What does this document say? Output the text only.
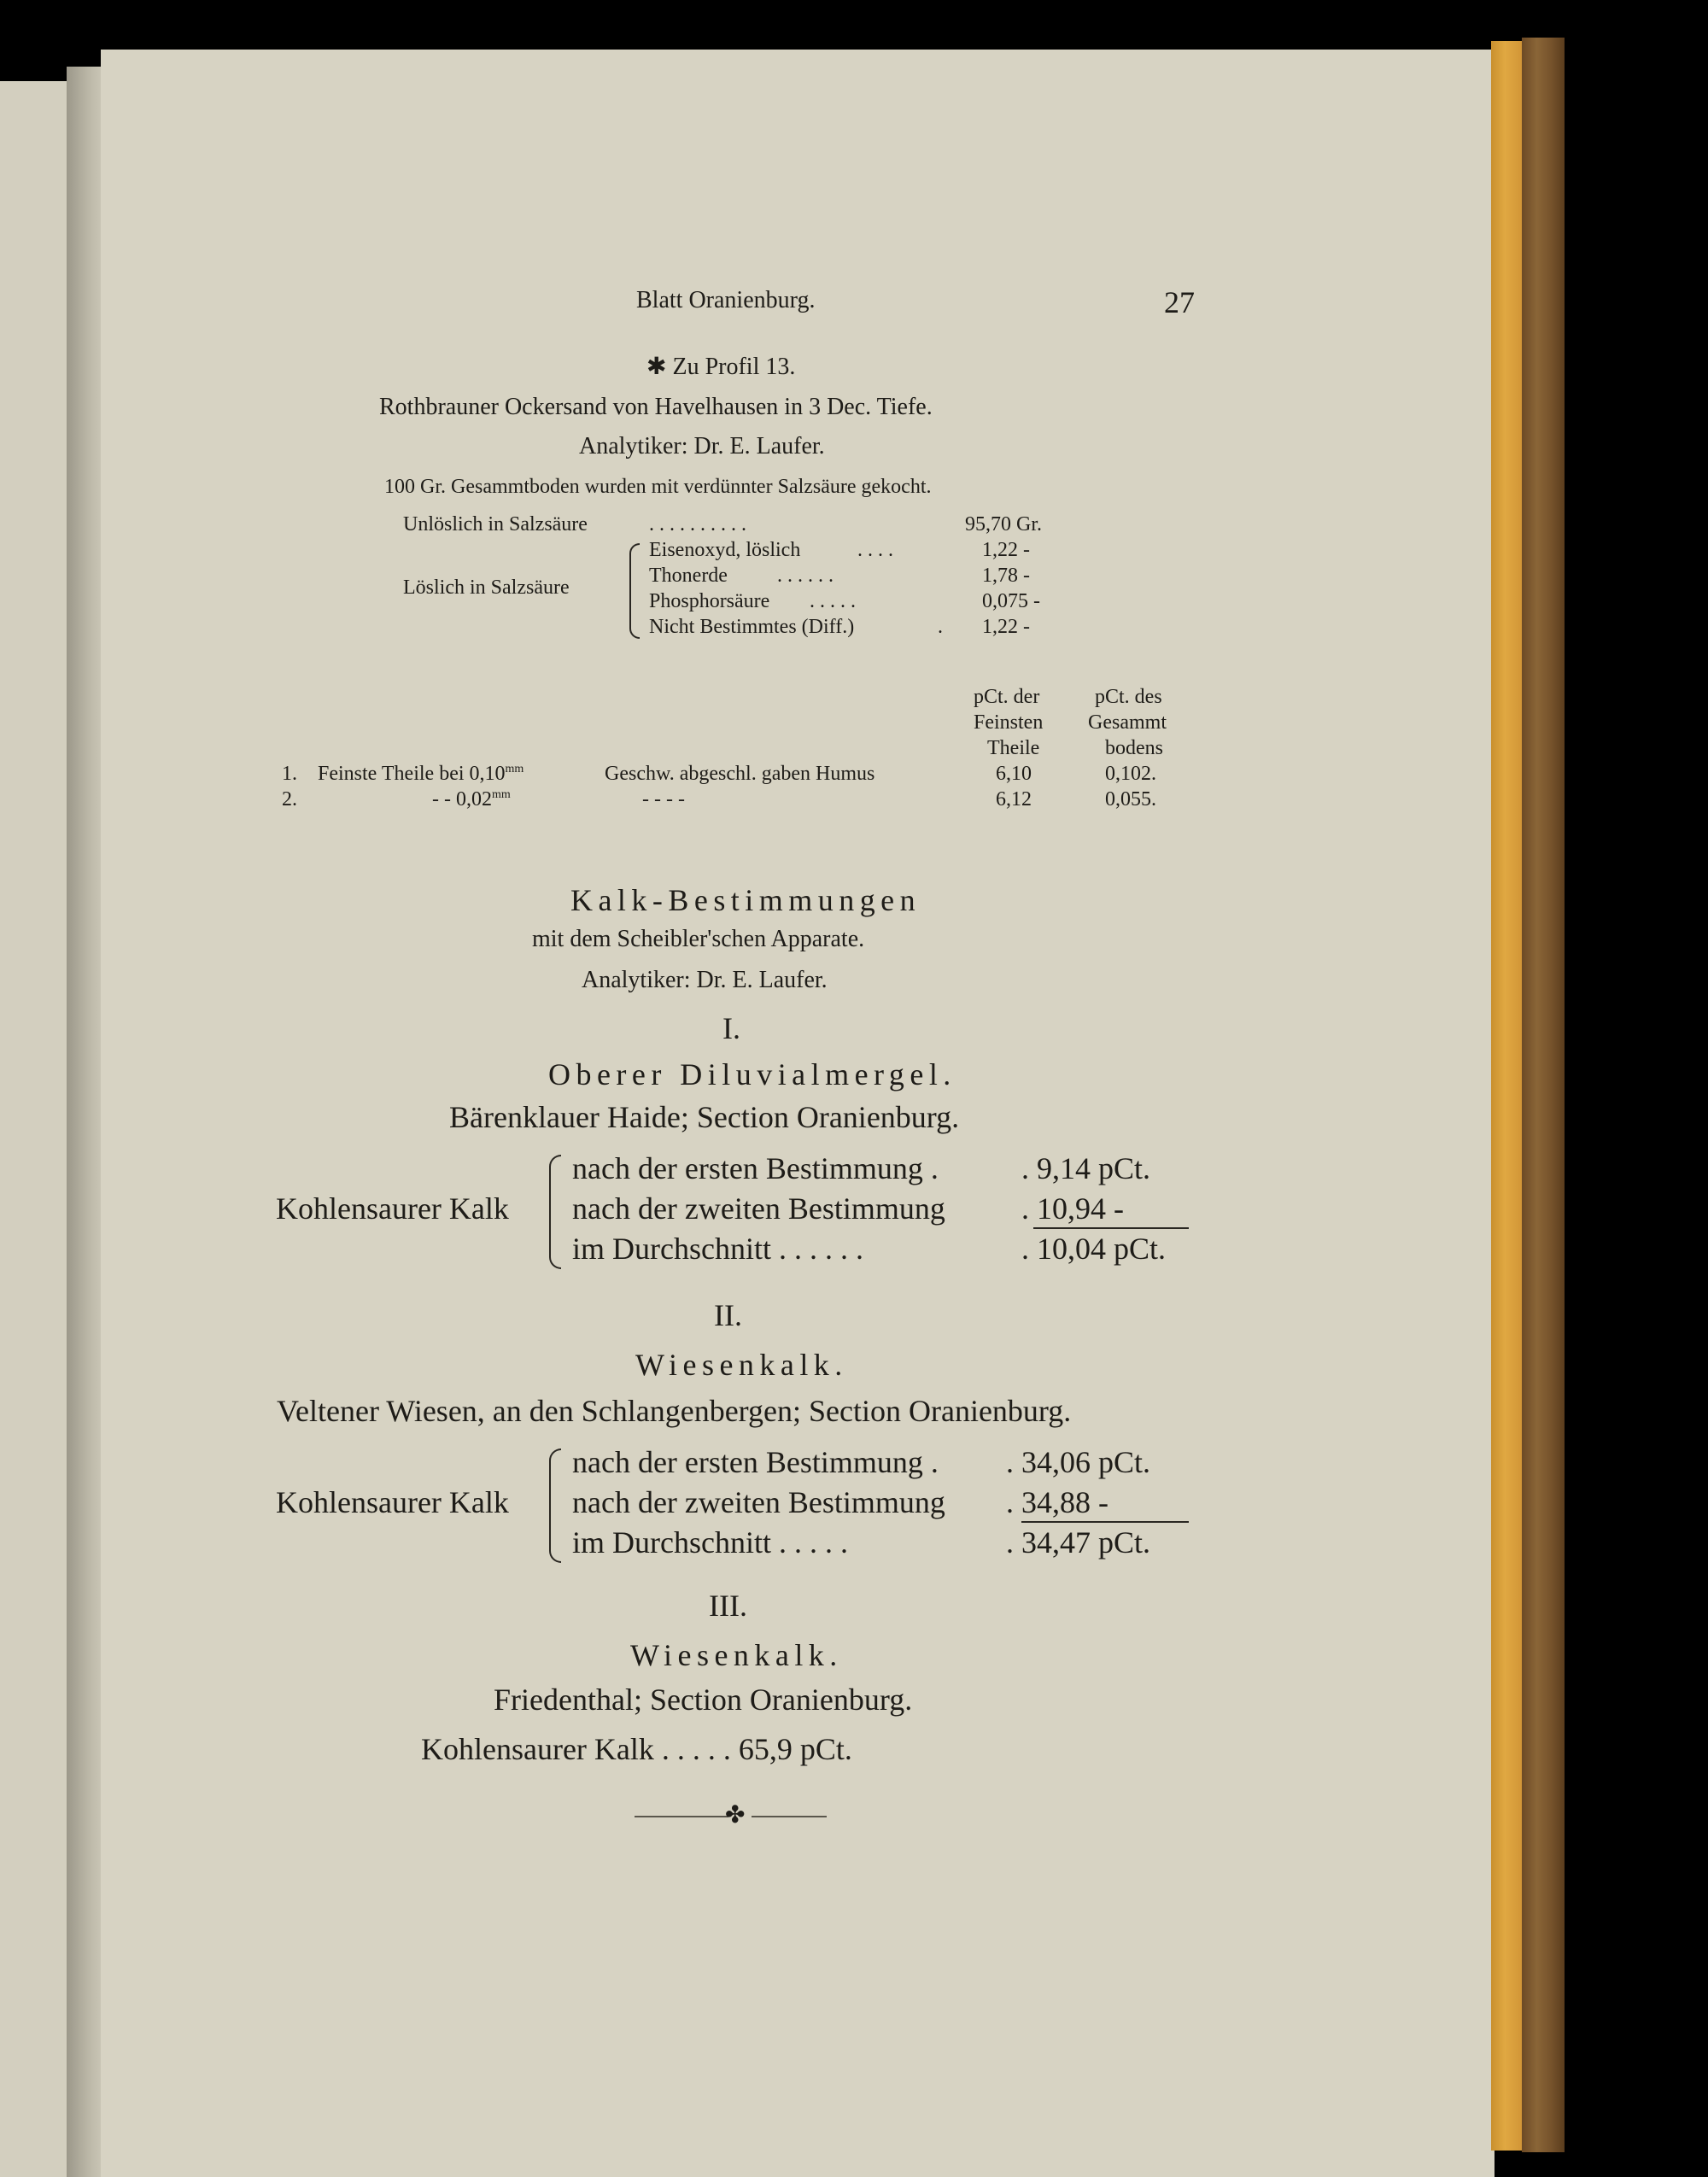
Blatt Oranienburg.	27
✱ Zu Profil 13.
Rothbrauner Ockersand von Havelhausen in 3 Dec. Tiefe.
Analytiker: Dr. E. Laufer.
100 Gr. Gesammtboden wurden mit verdünnter Salzsäure gekocht.
Unlöslich in Salzsäure	. . . . . . . . . .	95,70 Gr.
Löslich in Salzsäure
Eisenoxyd, löslich	. . . .	1,22 -
Thonerde . . . . . .	1,78 -
Phosphorsäure . . . . .	0,075 -
Nicht Bestimmtes (Diff.)	. 1,22 -
pCt. der
Feinsten
Theile
pCt. des
Gesammt
bodens
1. Feinste Theile bei $0,10^{mm}$	Geschw. abgeschl. gaben Humus	6,10	0,102.
2.	- - $0,02^{mm}$	- - - -	6,12	0,055.
Kalk-Bestimmungen
mit dem Scheibler'schen Apparate.
Analytiker: Dr. E. Laufer.
I.
Oberer Diluvialmergel.
Bärenklauer Haide; Section Oranienburg.
Kohlensaurer Kalk
nach der ersten Bestimmung .	. 9,14 pCt.
nach der zweiten Bestimmung . 10,94 -
im Durchschnitt . . . . . .	. 10,04 pCt.
II.
Wiesenkalk.
Veltener Wiesen, an den Schlangenbergen; Section Oranienburg.
Kohlensaurer Kalk
nach der ersten Bestimmung . . 34,06 pCt.
nach der zweiten Bestimmung . 34,88 -
im Durchschnitt . . . . .	. 34,47 pCt.
III.
Wiesenkalk.
Friedenthal; Section Oranienburg.
Kohlensaurer Kalk . . . . . 65,9 pCt.
✤
